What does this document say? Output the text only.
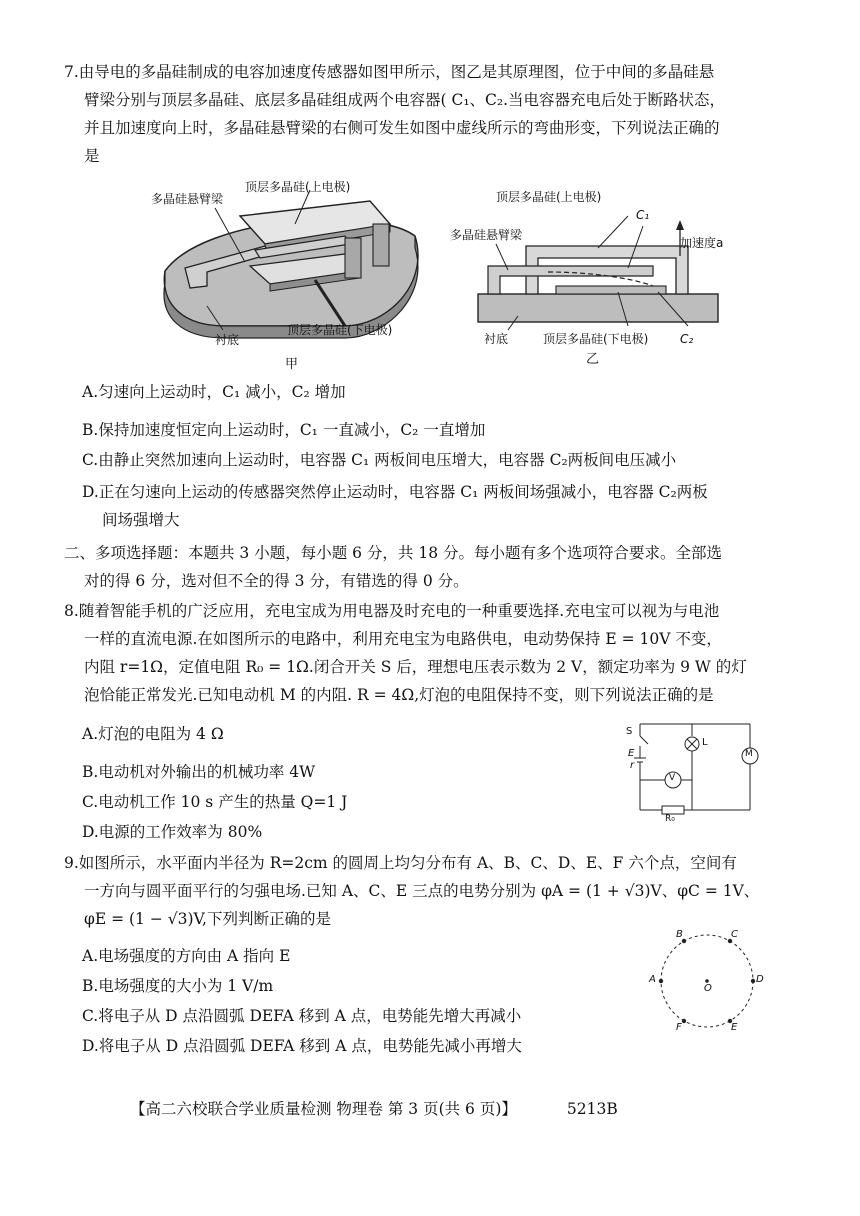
7.由导电的多晶硅制成的电容加速度传感器如图甲所示，图乙是其原理图，位于中间的多晶硅悬
臂梁分别与顶层多晶硅、底层多晶硅组成两个电容器( C₁、C₂.当电容器充电后处于断路状态，
并且加速度向上时，多晶硅悬臂梁的右侧可发生如图中虚线所示的弯曲形变，下列说法正确的
是
多晶硅悬臂梁
顶层多晶硅(上电极)
衬底
顶层多晶硅(下电极)
甲
顶层多晶硅(上电极)
C₁
多晶硅悬臂梁
加速度a
衬底	顶层多晶硅(下电极)	C₂
乙
A.匀速向上运动时，C₁ 减小，C₂ 增加
B.保持加速度恒定向上运动时，C₁ 一直减小，C₂ 一直增加
C.由静止突然加速向上运动时，电容器 C₁ 两板间电压增大，电容器 C₂两板间电压减小
D.正在匀速向上运动的传感器突然停止运动时，电容器 C₁ 两板间场强减小，电容器 C₂两板
间场强增大
二、多项选择题：本题共 3 小题，每小题 6 分，共 18 分。每小题有多个选项符合要求。全部选
对的得 6 分，选对但不全的得 3 分，有错选的得 0 分。
8.随着智能手机的广泛应用，充电宝成为用电器及时充电的一种重要选择.充电宝可以视为与电池
一样的直流电源.在如图所示的电路中，利用充电宝为电路供电，电动势保持 E = 10V 不变，
内阻 r=1Ω，定值电阻 R₀ = 1Ω.闭合开关 S 后，理想电压表示数为 2 V，额定功率为 9 W 的灯
泡恰能正常发光.已知电动机 M 的内阻. R = 4Ω,灯泡的电阻保持不变，则下列说法正确的是
A.灯泡的电阻为 4 Ω
B.电动机对外输出的机械功率 4W
C.电动机工作 10 s 产生的热量 Q=1 J
D.电源的工作效率为 80%
S
E
r
L
V
M
R₀
9.如图所示，水平面内半径为 R=2cm 的圆周上均匀分布有 A、B、C、D、E、F 六个点，空间有
一方向与圆平面平行的匀强电场.已知 A、C、E 三点的电势分别为 φA = (1 + √3)V、φC = 1V、
φE = (1 − √3)V,下列判断正确的是
A.电场强度的方向由 A 指向 E
B.电场强度的大小为 1 V/m
C.将电子从 D 点沿圆弧 DEFA 移到 A 点，电势能先增大再减小
D.将电子从 D 点沿圆弧 DEFA 移到 A 点，电势能先减小再增大
A
B	C
D
E
F
O
【高二六校联合学业质量检测 物理卷 第 3 页(共 6 页)】	5213B
